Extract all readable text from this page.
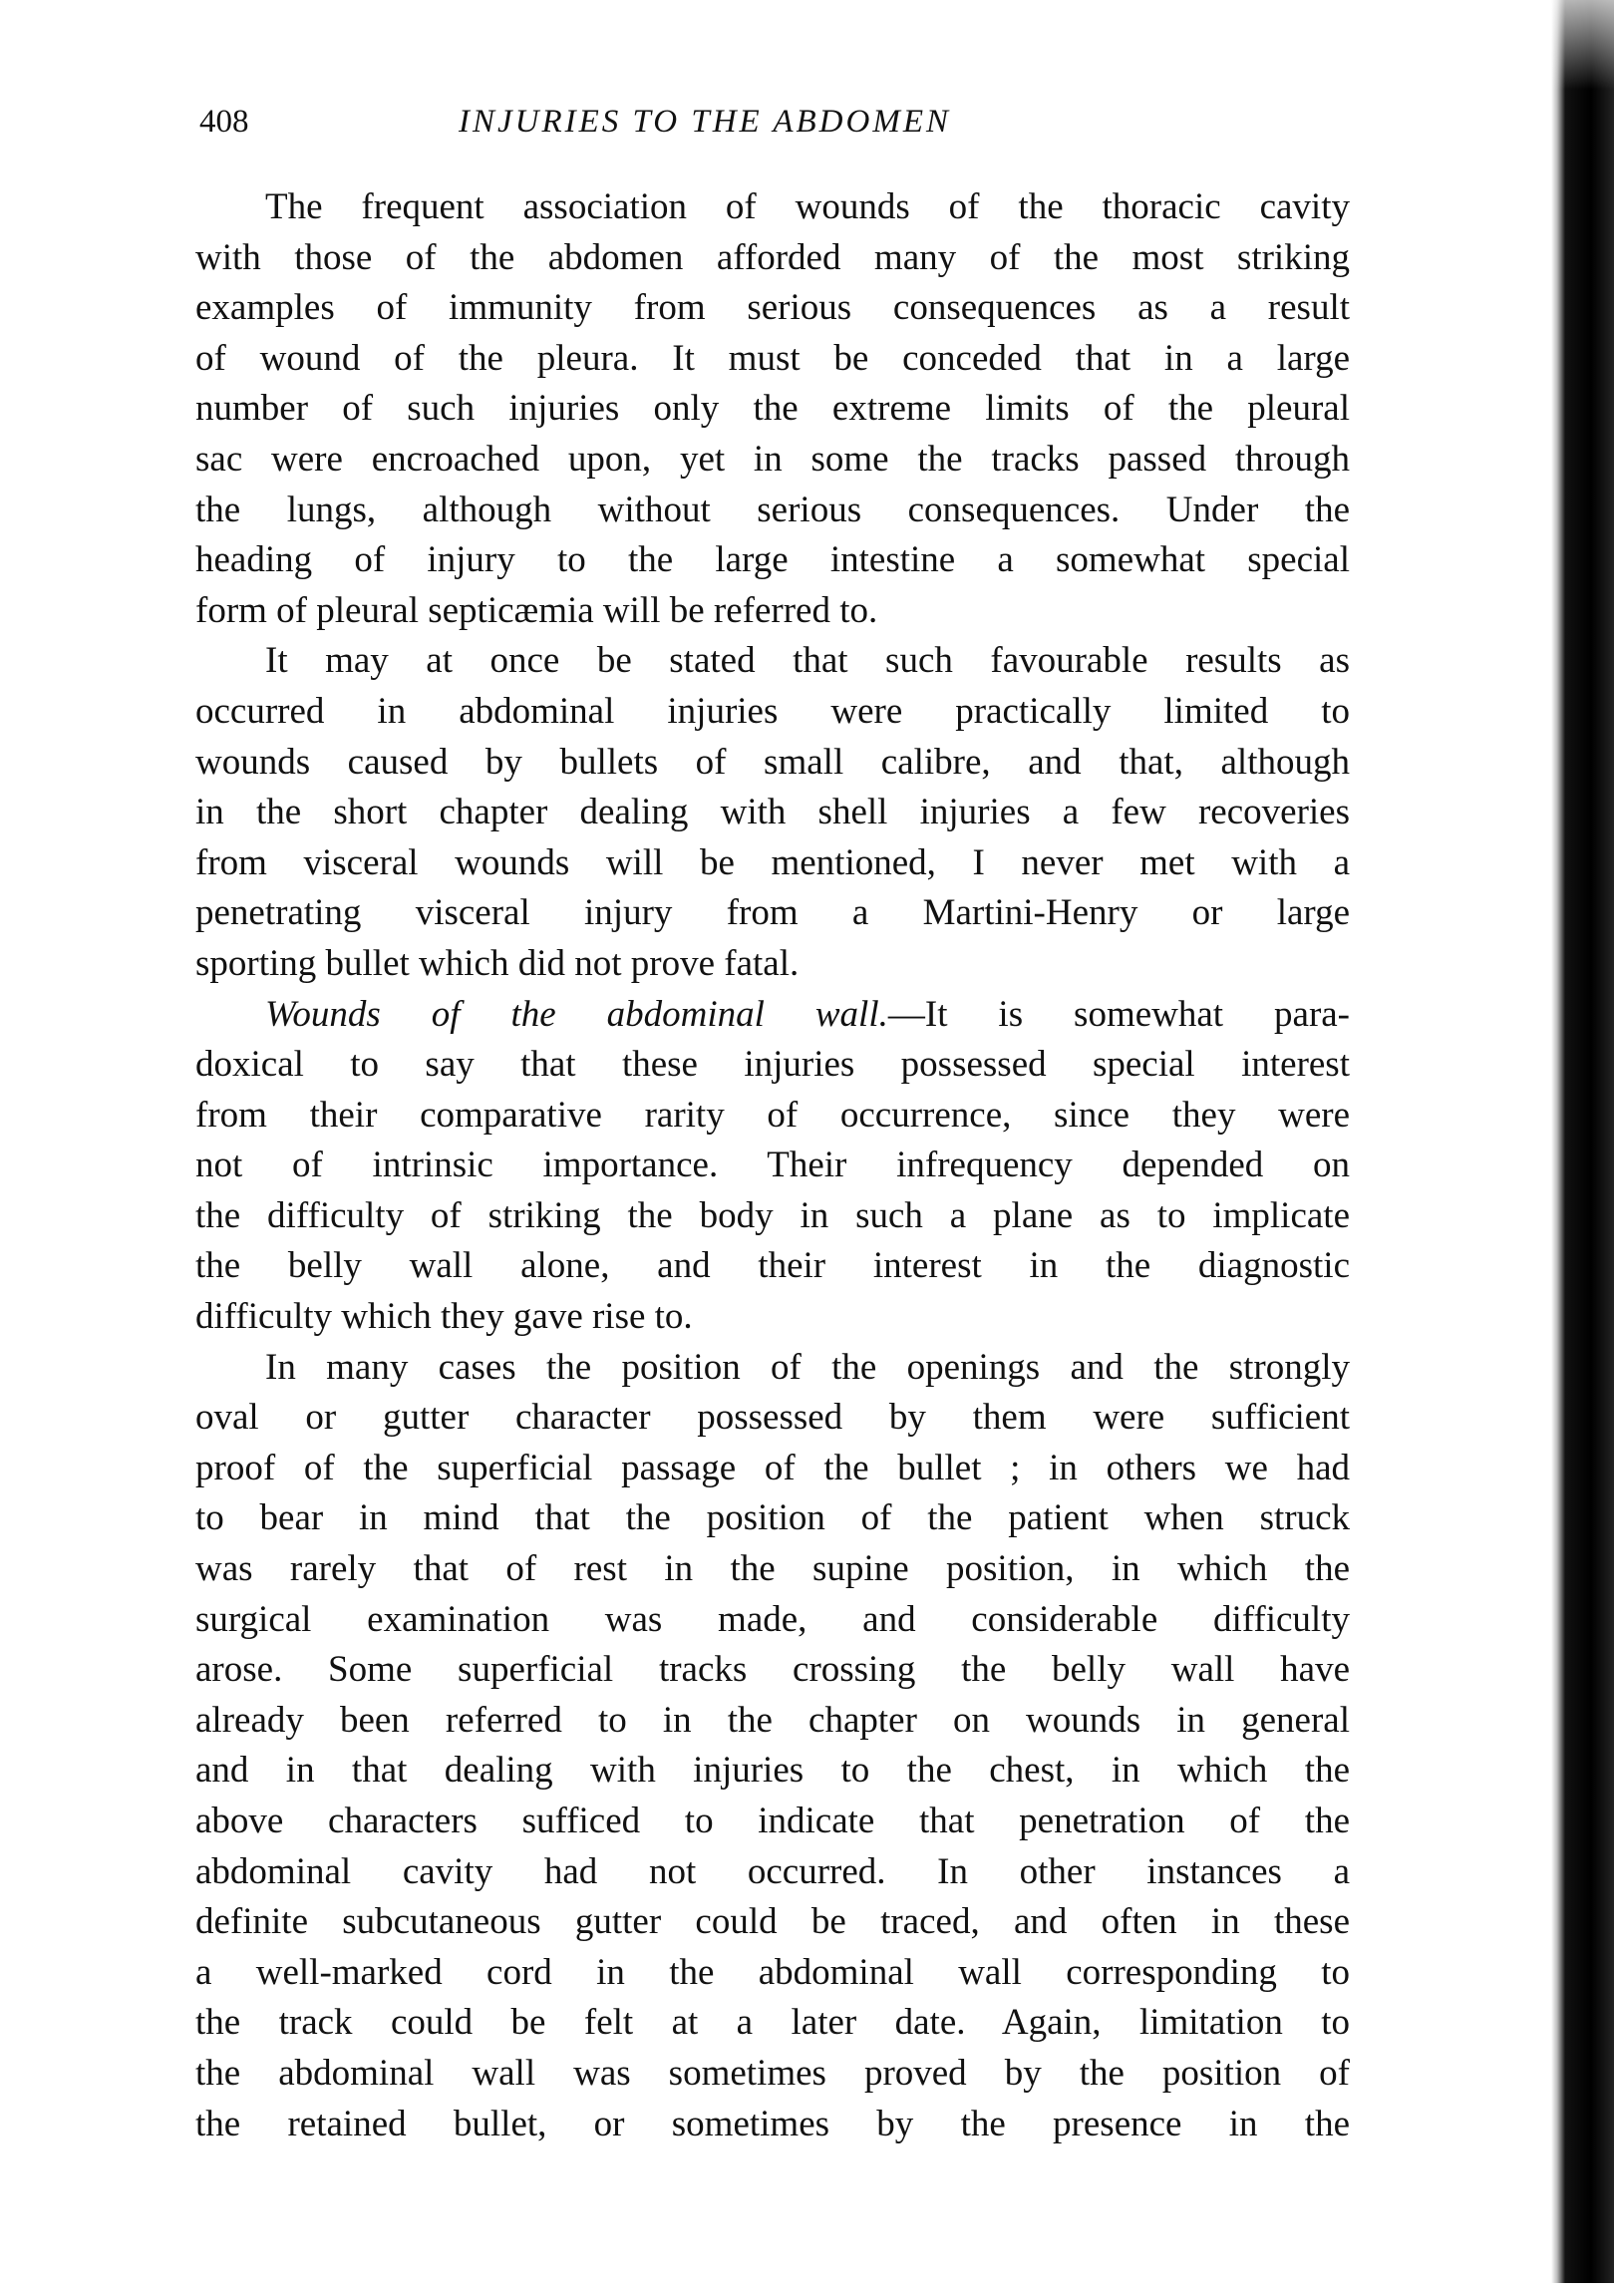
408	INJURIES TO THE ABDOMEN
The frequent association of wounds of the thoracic cavity
with those of the abdomen afforded many of the most striking
examples of immunity from serious consequences as a result
of wound of the pleura. It must be conceded that in a large
number of such injuries only the extreme limits of the pleural
sac were encroached upon, yet in some the tracks passed through
the lungs, although without serious consequences. Under the
heading of injury to the large intestine a somewhat special
form of pleural septicæmia will be referred to.
It may at once be stated that such favourable results as
occurred in abdominal injuries were practically limited to
wounds caused by bullets of small calibre, and that, although
in the short chapter dealing with shell injuries a few recoveries
from visceral wounds will be mentioned, I never met with a
penetrating visceral injury from a Martini-Henry or large
sporting bullet which did not prove fatal.
Wounds of the abdominal wall.—It is somewhat para-
doxical to say that these injuries possessed special interest
from their comparative rarity of occurrence, since they were
not of intrinsic importance. Their infrequency depended on
the difficulty of striking the body in such a plane as to implicate
the belly wall alone, and their interest in the diagnostic
difficulty which they gave rise to.
In many cases the position of the openings and the strongly
oval or gutter character possessed by them were sufficient
proof of the superficial passage of the bullet ; in others we had
to bear in mind that the position of the patient when struck
was rarely that of rest in the supine position, in which the
surgical examination was made, and considerable difficulty
arose. Some superficial tracks crossing the belly wall have
already been referred to in the chapter on wounds in general
and in that dealing with injuries to the chest, in which the
above characters sufficed to indicate that penetration of the
abdominal cavity had not occurred. In other instances a
definite subcutaneous gutter could be traced, and often in these
a well-marked cord in the abdominal wall corresponding to
the track could be felt at a later date. Again, limitation to
the abdominal wall was sometimes proved by the position of
the retained bullet, or sometimes by the presence in the
